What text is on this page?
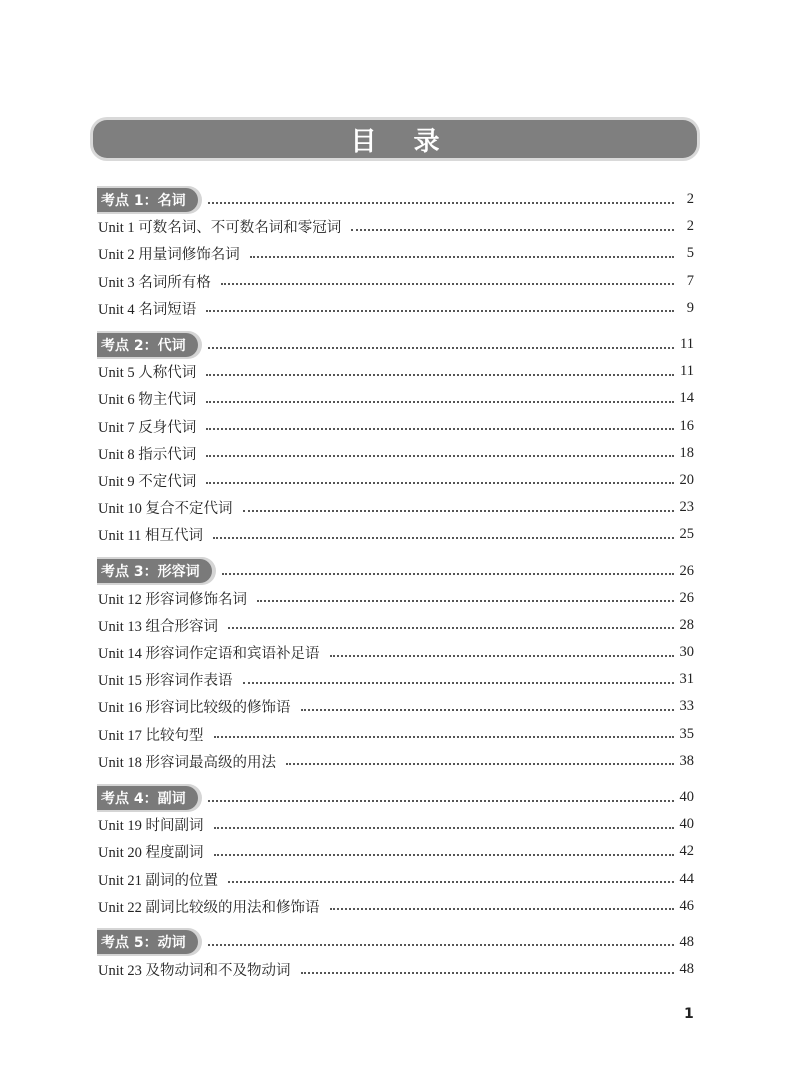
目 录
考点 1：名词	2
Unit 1 可数名词、不可数名词和零冠词	2
Unit 2 用量词修饰名词	5
Unit 3 名词所有格	7
Unit 4 名词短语	9
考点 2：代词	11
Unit 5 人称代词	11
Unit 6 物主代词	14
Unit 7 反身代词	16
Unit 8 指示代词	18
Unit 9 不定代词	20
Unit 10 复合不定代词	23
Unit 11 相互代词	25
考点 3：形容词	26
Unit 12 形容词修饰名词	26
Unit 13 组合形容词	28
Unit 14 形容词作定语和宾语补足语	30
Unit 15 形容词作表语	31
Unit 16 形容词比较级的修饰语	33
Unit 17 比较句型	35
Unit 18 形容词最高级的用法	38
考点 4：副词	40
Unit 19 时间副词	40
Unit 20 程度副词	42
Unit 21 副词的位置	44
Unit 22 副词比较级的用法和修饰语	46
考点 5：动词	48
Unit 23 及物动词和不及物动词	48
1
